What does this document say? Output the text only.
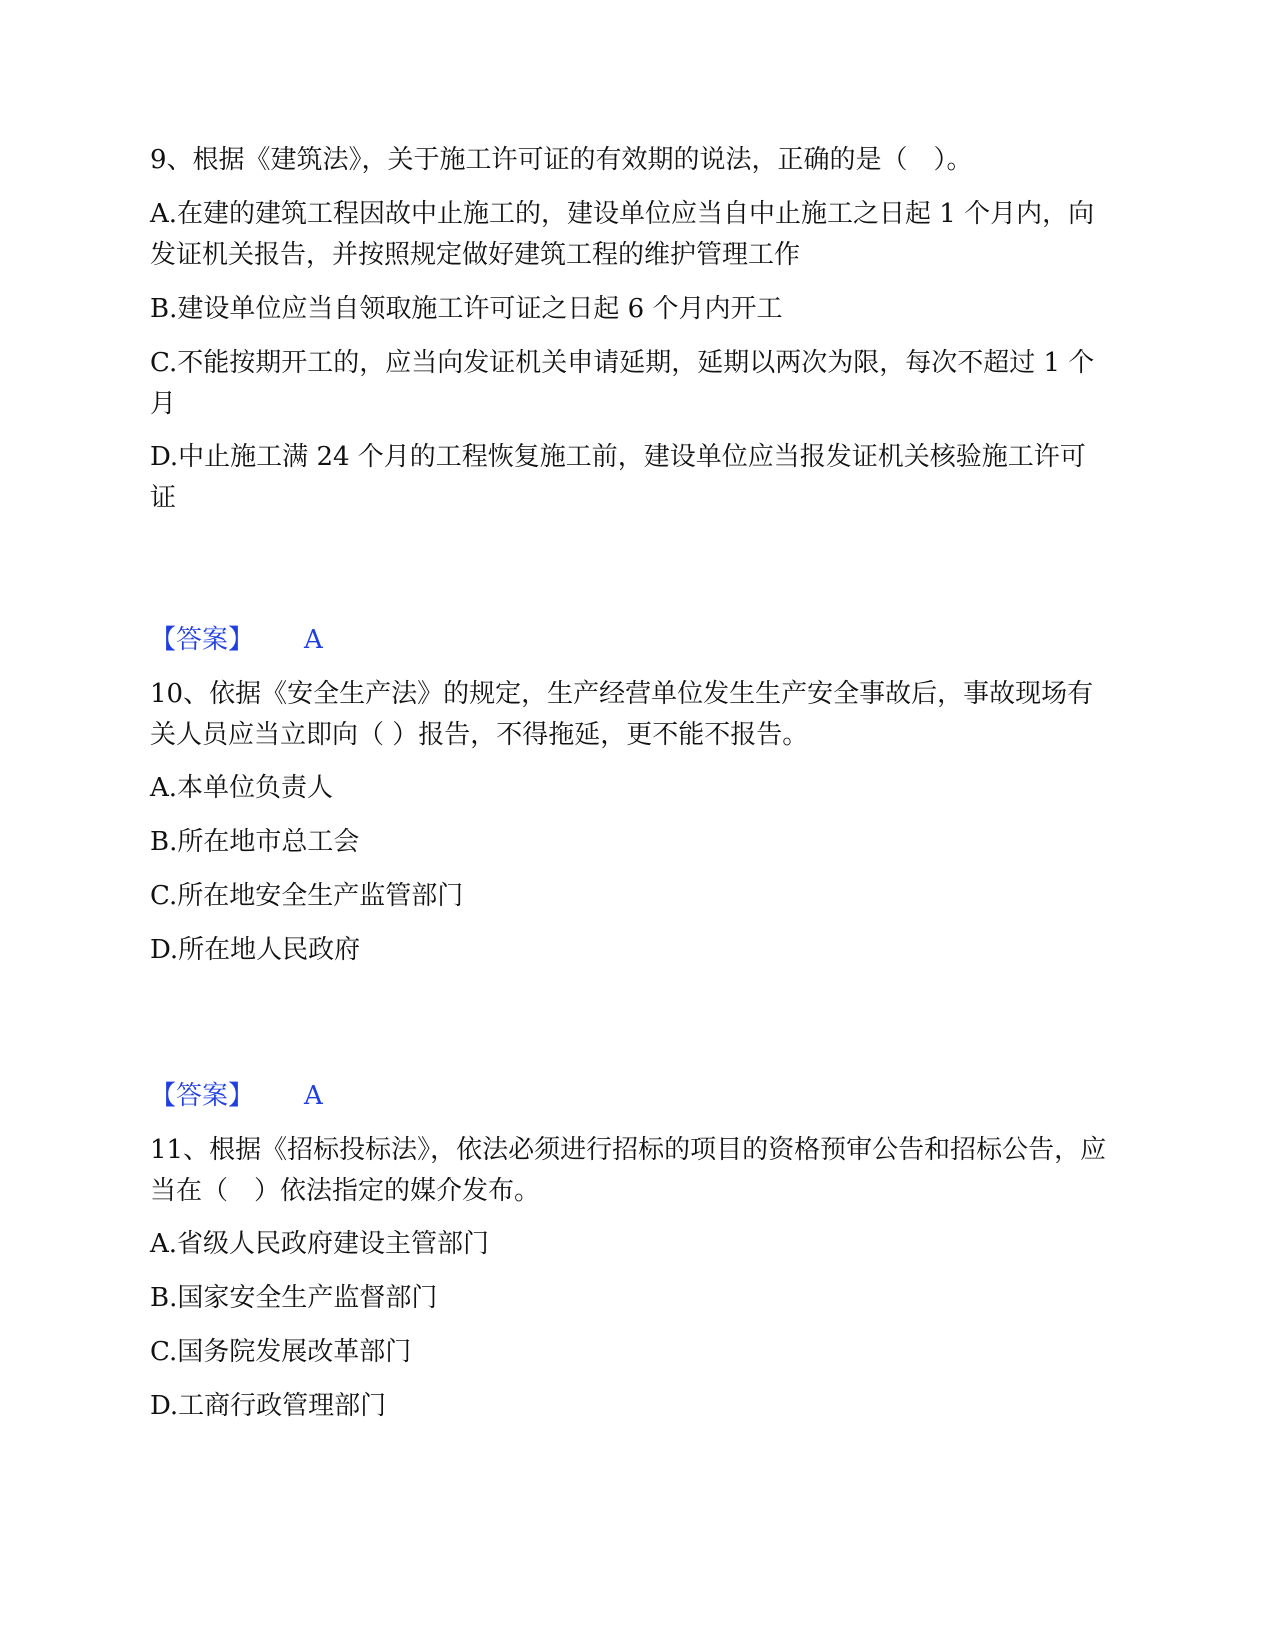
9、根据《建筑法》，关于施工许可证的有效期的说法，正确的是（　）。

A.在建的建筑工程因故中止施工的，建设单位应当自中止施工之日起 1 个月内，向发证机关报告，并按照规定做好建筑工程的维护管理工作

B.建设单位应当自领取施工许可证之日起 6 个月内开工

C.不能按期开工的，应当向发证机关申请延期，延期以两次为限，每次不超过 1 个月

D.中止施工满 24 个月的工程恢复施工前，建设单位应当报发证机关核验施工许可证

【答案】 A

10、依据《安全生产法》的规定，生产经营单位发生生产安全事故后，事故现场有关人员应当立即向（ ）报告，不得拖延，更不能不报告。

A.本单位负责人

B.所在地市总工会

C.所在地安全生产监管部门

D.所在地人民政府

【答案】 A

11、根据《招标投标法》，依法必须进行招标的项目的资格预审公告和招标公告，应当在（　）依法指定的媒介发布。

A.省级人民政府建设主管部门

B.国家安全生产监督部门

C.国务院发展改革部门

D.工商行政管理部门
